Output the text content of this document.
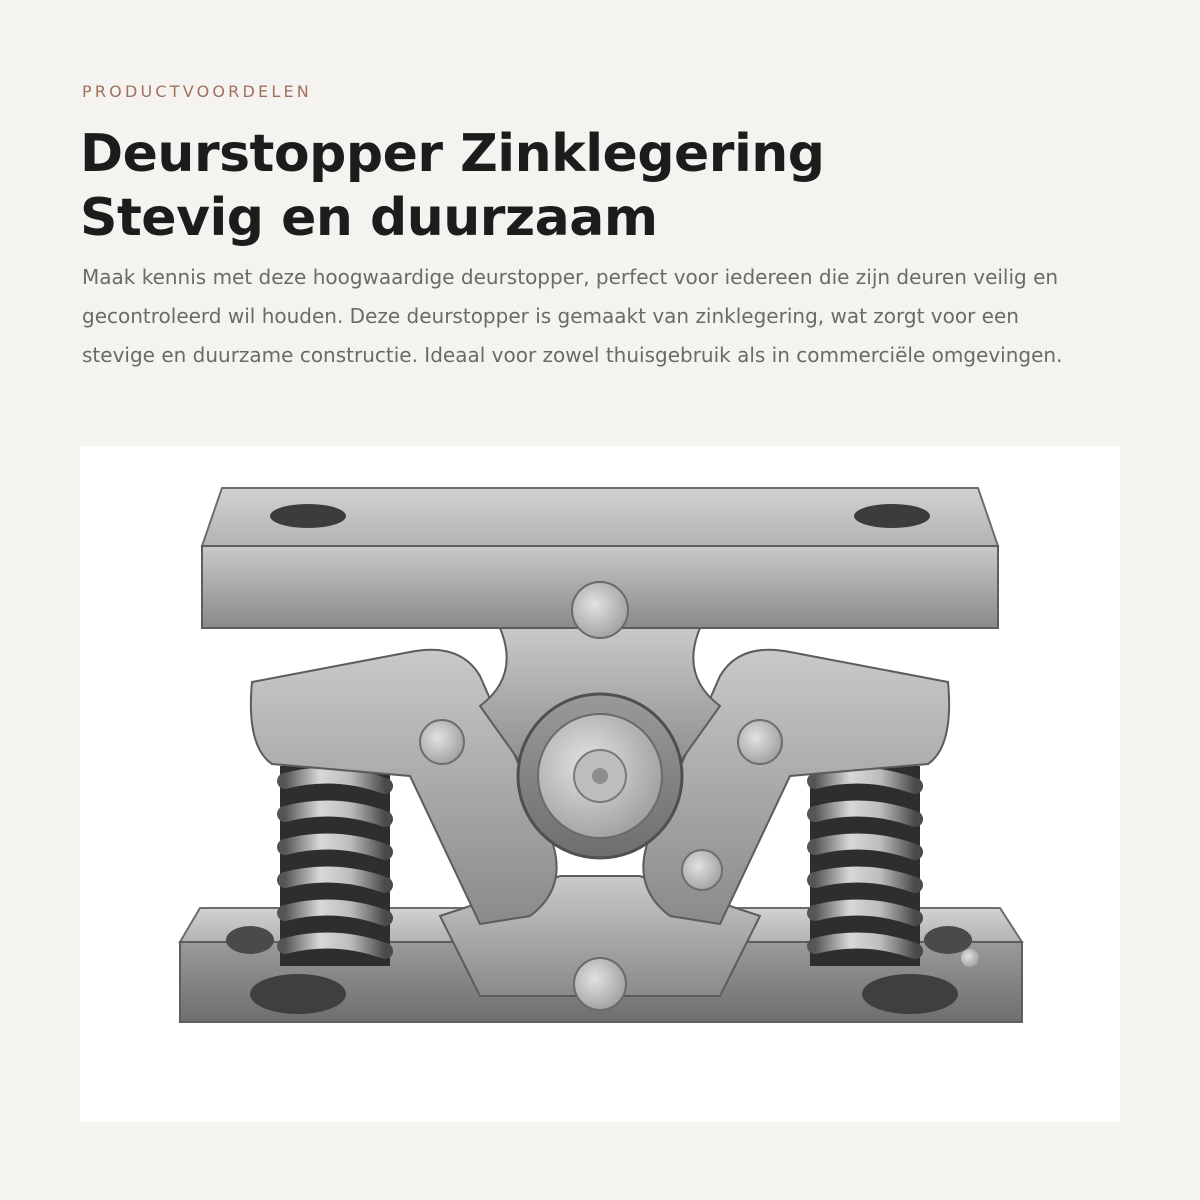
PRODUCTVOORDELEN
Deurstopper Zinklegering
Stevig en duurzaam

Maak kennis met deze hoogwaardige deurstopper, perfect voor iedereen die zijn deuren veilig en gecontroleerd wil houden. Deze deurstopper is gemaakt van zinklegering, wat zorgt voor een stevige en duurzame constructie. Ideaal voor zowel thuisgebruik als in commerciële omgevingen.
